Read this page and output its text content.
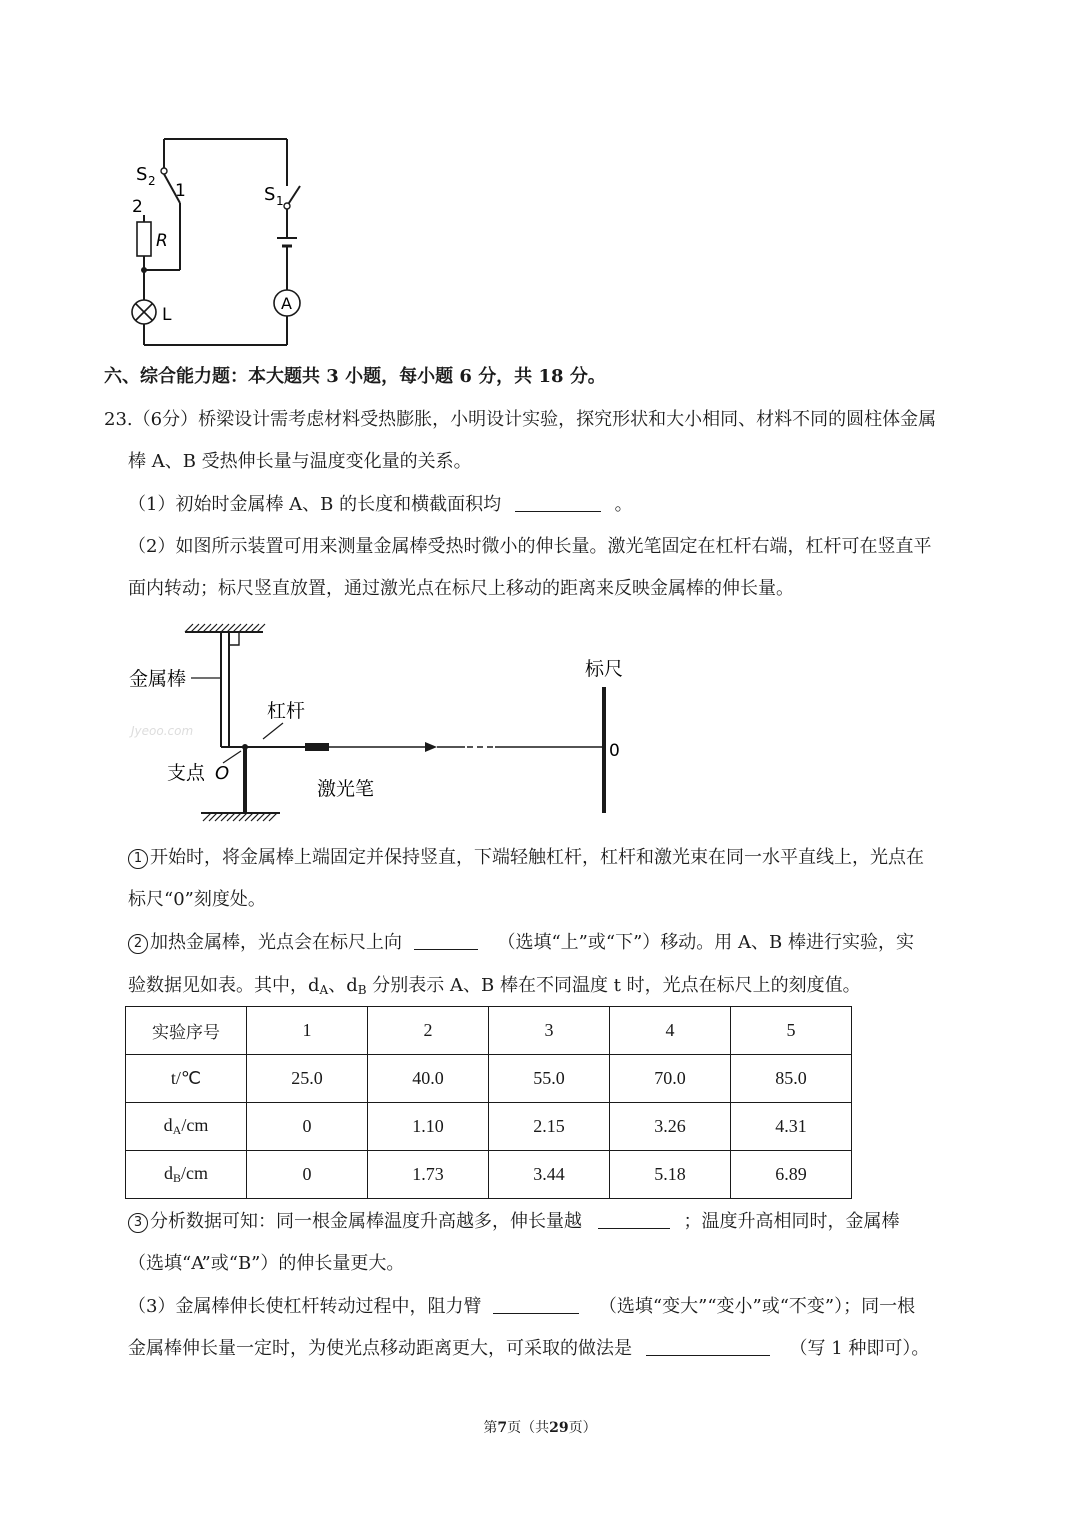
S 2 1
2
R
L
S 1
A
六、综合能力题：本大题共 3 小题，每小题 6 分，共 18 分。
23.（6分）桥梁设计需考虑材料受热膨胀，小明设计实验，探究形状和大小相同、材料不同的圆柱体金属
棒 A、B 受热伸长量与温度变化量的关系。
（1）初始时金属棒 A、B 的长度和横截面积均	。
（2）如图所示装置可用来测量金属棒受热时微小的伸长量。激光笔固定在杠杆右端，杠杆可在竖直平
面内转动；标尺竖直放置，通过激光点在标尺上移动的距离来反映金属棒的伸长量。
金属棒
杠杆
激光笔
标尺
0
支点 O
Jyeoo.com
1 开始时，将金属棒上端固定并保持竖直，下端轻触杠杆，杠杆和激光束在同一水平直线上，光点在
标尺“0”刻度处。
2 加热金属棒，光点会在标尺上向	（选填“上”或“下”）移动。用 A、B 棒进行实验，实
验数据见如表。其中，$d_A$、$d_B$ 分别表示 A、B 棒在不同温度 t 时，光点在标尺上的刻度值。
实验序号	1	2	3	4	5
t/℃	25.0	40.0	55.0	70.0	85.0
$d_A/cm$	0	1.10	2.15	3.26	4.31
$d_B/cm$	0	1.73	3.44	5.18	6.89
3 分析数据可知：同一根金属棒温度升高越多，伸长量越	；温度升高相同时，金属棒
（选填“A”或“B”）的伸长量更大。
（3）金属棒伸长使杠杆转动过程中，阻力臂	（选填“变大”“变小”或“不变”）；同一根
金属棒伸长量一定时，为使光点移动距离更大，可采取的做法是	（写 1 种即可）。
第7页（共29页）
